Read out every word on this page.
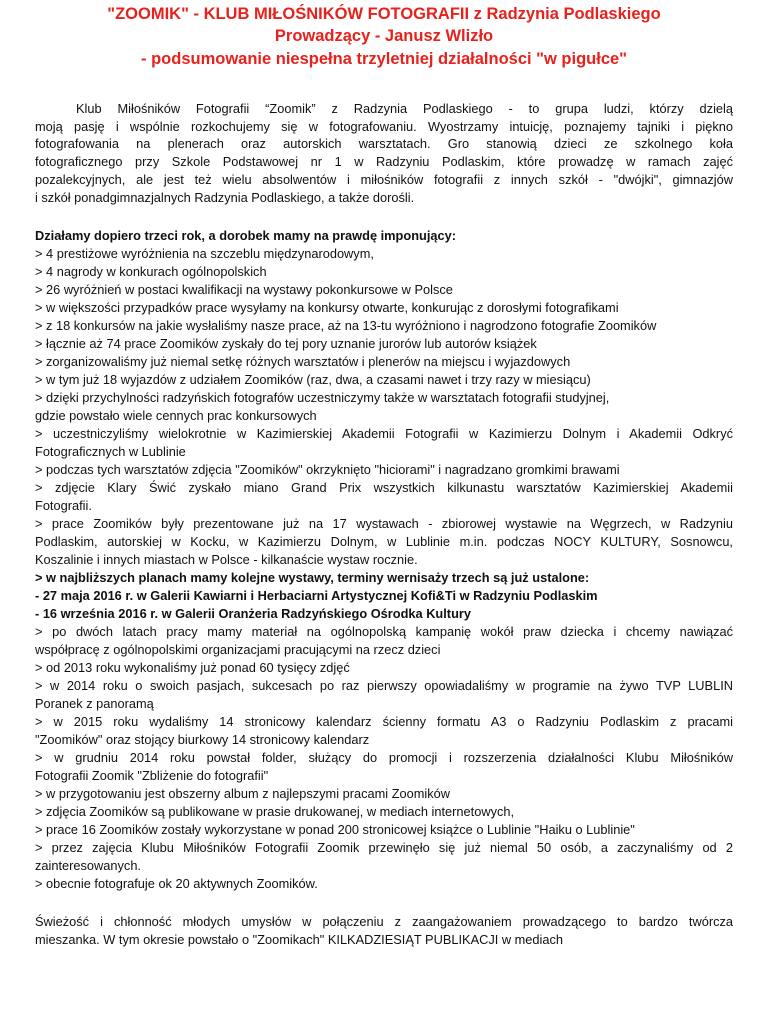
"ZOOMIK" - KLUB MIŁOŚNIKÓW FOTOGRAFII z Radzynia Podlaskiego
Prowadzący - Janusz Wlizło
- podsumowanie niespełna trzyletniej działalności "w pigułce"
Klub Miłośników Fotografii “Zoomik” z Radzynia Podlaskiego - to grupa ludzi, którzy dzielą
moją pasję i wspólnie rozkochujemy się w fotografowaniu. Wyostrzamy intuicję, poznajemy tajniki i piękno
fotografowania na plenerach oraz autorskich warsztatach. Gro stanowią dzieci ze szkolnego koła
fotograficznego przy Szkole Podstawowej nr 1 w Radzyniu Podlaskim, które prowadzę w ramach zajęć
pozalekcyjnych, ale jest też wielu absolwentów i miłośników fotografii z innych szkół - "dwójki", gimnazjów
i szkół ponadgimnazjalnych Radzynia Podlaskiego, a także dorośli.
Działamy dopiero trzeci rok, a dorobek mamy na prawdę imponujący:
> 4 prestiżowe wyróżnienia na szczeblu międzynarodowym,
> 4 nagrody w konkurach ogólnopolskich
> 26 wyróżnień w postaci kwalifikacji na wystawy pokonkursowe w Polsce
> w większości przypadków prace wysyłamy na konkursy otwarte, konkurując z dorosłymi fotografikami
> z 18 konkursów na jakie wysłaliśmy nasze prace, aż na 13-tu wyróżniono i nagrodzono fotografie Zoomików
> łącznie aż 74 prace Zoomików zyskały do tej pory uznanie jurorów lub autorów książek
> zorganizowaliśmy już niemal setkę różnych warsztatów i plenerów na miejscu i wyjazdowych
> w tym już 18 wyjazdów z udziałem Zoomików (raz, dwa, a czasami nawet i trzy razy w miesiącu)
> dzięki przychylności radzyńskich fotografów uczestniczymy także w warsztatach fotografii studyjnej,
gdzie powstało wiele cennych prac konkursowych
> uczestniczyliśmy wielokrotnie w Kazimierskiej Akademii Fotografii w Kazimierzu Dolnym i Akademii Odkryć
Fotograficznych w Lublinie
> podczas tych warsztatów zdjęcia "Zoomików" okrzyknięto "hiciorami" i nagradzano gromkimi brawami
> zdjęcie Klary Świć zyskało miano Grand Prix wszystkich kilkunastu warsztatów Kazimierskiej Akademii
Fotografii.
> prace Zoomików były prezentowane już na 17 wystawach - zbiorowej wystawie na Węgrzech, w Radzyniu
Podlaskim, autorskiej w Kocku, w Kazimierzu Dolnym, w Lublinie m.in. podczas NOCY KULTURY, Sosnowcu,
Koszalinie i innych miastach w Polsce - kilkanaście wystaw rocznie.
> w najbliższych planach mamy kolejne wystawy, terminy wernisaży trzech są już ustalone:
- 27 maja 2016 r. w Galerii Kawiarni i Herbaciarni Artystycznej Kofi&Ti w Radzyniu Podlaskim
- 16 września 2016 r. w Galerii Oranżeria Radzyńskiego Ośrodka Kultury
> po dwóch latach pracy mamy materiał na ogólnopolską kampanię wokół praw dziecka i chcemy nawiązać
współpracę z ogólnopolskimi organizacjami pracującymi na rzecz dzieci
> od 2013 roku wykonaliśmy już ponad 60 tysięcy zdjęć
> w 2014 roku o swoich pasjach, sukcesach po raz pierwszy opowiadaliśmy w programie na żywo TVP LUBLIN
Poranek z panoramą
> w 2015 roku wydaliśmy 14 stronicowy kalendarz ścienny formatu A3 o Radzyniu Podlaskim z pracami
"Zoomików" oraz stojący biurkowy 14 stronicowy kalendarz
> w grudniu 2014 roku powstał folder, służący do promocji i rozszerzenia działalności Klubu Miłośników
Fotografii Zoomik "Zbliżenie do fotografii"
> w przygotowaniu jest obszerny album z najlepszymi pracami Zoomików
> zdjęcia Zoomików są publikowane w prasie drukowanej, w mediach internetowych,
> prace 16 Zoomików zostały wykorzystane w ponad 200 stronicowej książce o Lublinie "Haiku o Lublinie"
> przez zajęcia Klubu Miłośników Fotografii Zoomik przewinęło się już niemal 50 osób, a zaczynaliśmy od 2
zainteresowanych.
> obecnie fotografuje ok 20 aktywnych Zoomików.
Świeżość i chłonność młodych umysłów w połączeniu z zaangażowaniem prowadzącego to bardzo twórcza
mieszanka. W tym okresie powstało o "Zoomikach" KILKADZIESIĄT PUBLIKACJI w mediach
